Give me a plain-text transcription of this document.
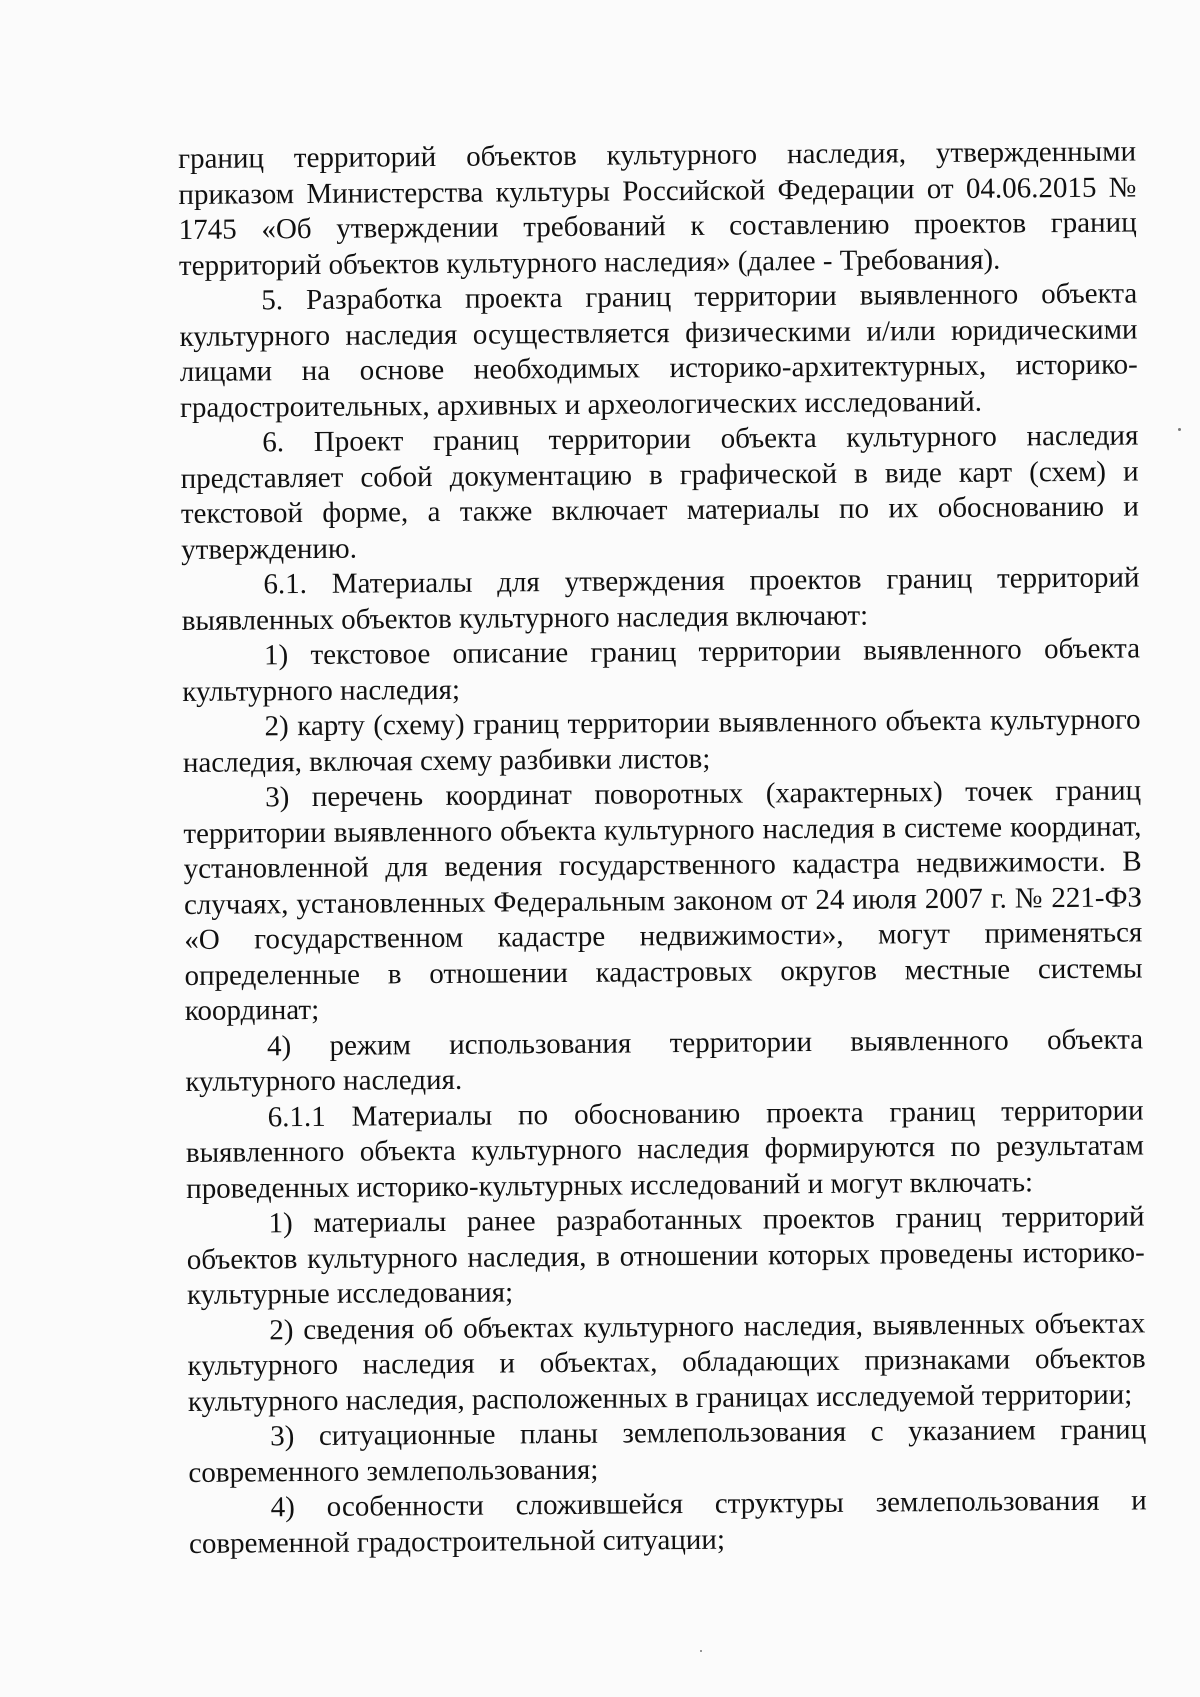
границ территорий объектов культурного наследия, утвержденными приказом Министерства культуры Российской Федерации от 04.06.2015 № 1745 «Об утверждении требований к составлению проектов границ территорий объектов культурного наследия» (далее - Требования).

5. Разработка проекта границ территории выявленного объекта культурного наследия осуществляется физическими и/или юридическими лицами на основе необходимых историко-архитектурных, историко-градостроительных, архивных и археологических исследований.

6. Проект границ территории объекта культурного наследия представляет собой документацию в графической в виде карт (схем) и текстовой форме, а также включает материалы по их обоснованию и утверждению.

6.1. Материалы для утверждения проектов границ территорий выявленных объектов культурного наследия включают:

1) текстовое описание границ территории выявленного объекта культурного наследия;

2) карту (схему) границ территории выявленного объекта культурного наследия, включая схему разбивки листов;

3) перечень координат поворотных (характерных) точек границ территории выявленного объекта культурного наследия в системе координат, установленной для ведения государственного кадастра недвижимости. В случаях, установленных Федеральным законом от 24 июля 2007 г. № 221-ФЗ «О государственном кадастре недвижимости», могут применяться определенные в отношении кадастровых округов местные системы координат;

4) режим использования территории выявленного объекта культурного наследия.

6.1.1 Материалы по обоснованию проекта границ территории выявленного объекта культурного наследия формируются по результатам проведенных историко-культурных исследований и могут включать:

1) материалы ранее разработанных проектов границ территорий объектов культурного наследия, в отношении которых проведены историко-культурные исследования;

2) сведения об объектах культурного наследия, выявленных объектах культурного наследия и объектах, обладающих признаками объектов культурного наследия, расположенных в границах исследуемой территории;

3) ситуационные планы землепользования с указанием границ современного землепользования;

4) особенности сложившейся структуры землепользования и современной градостроительной ситуации;
